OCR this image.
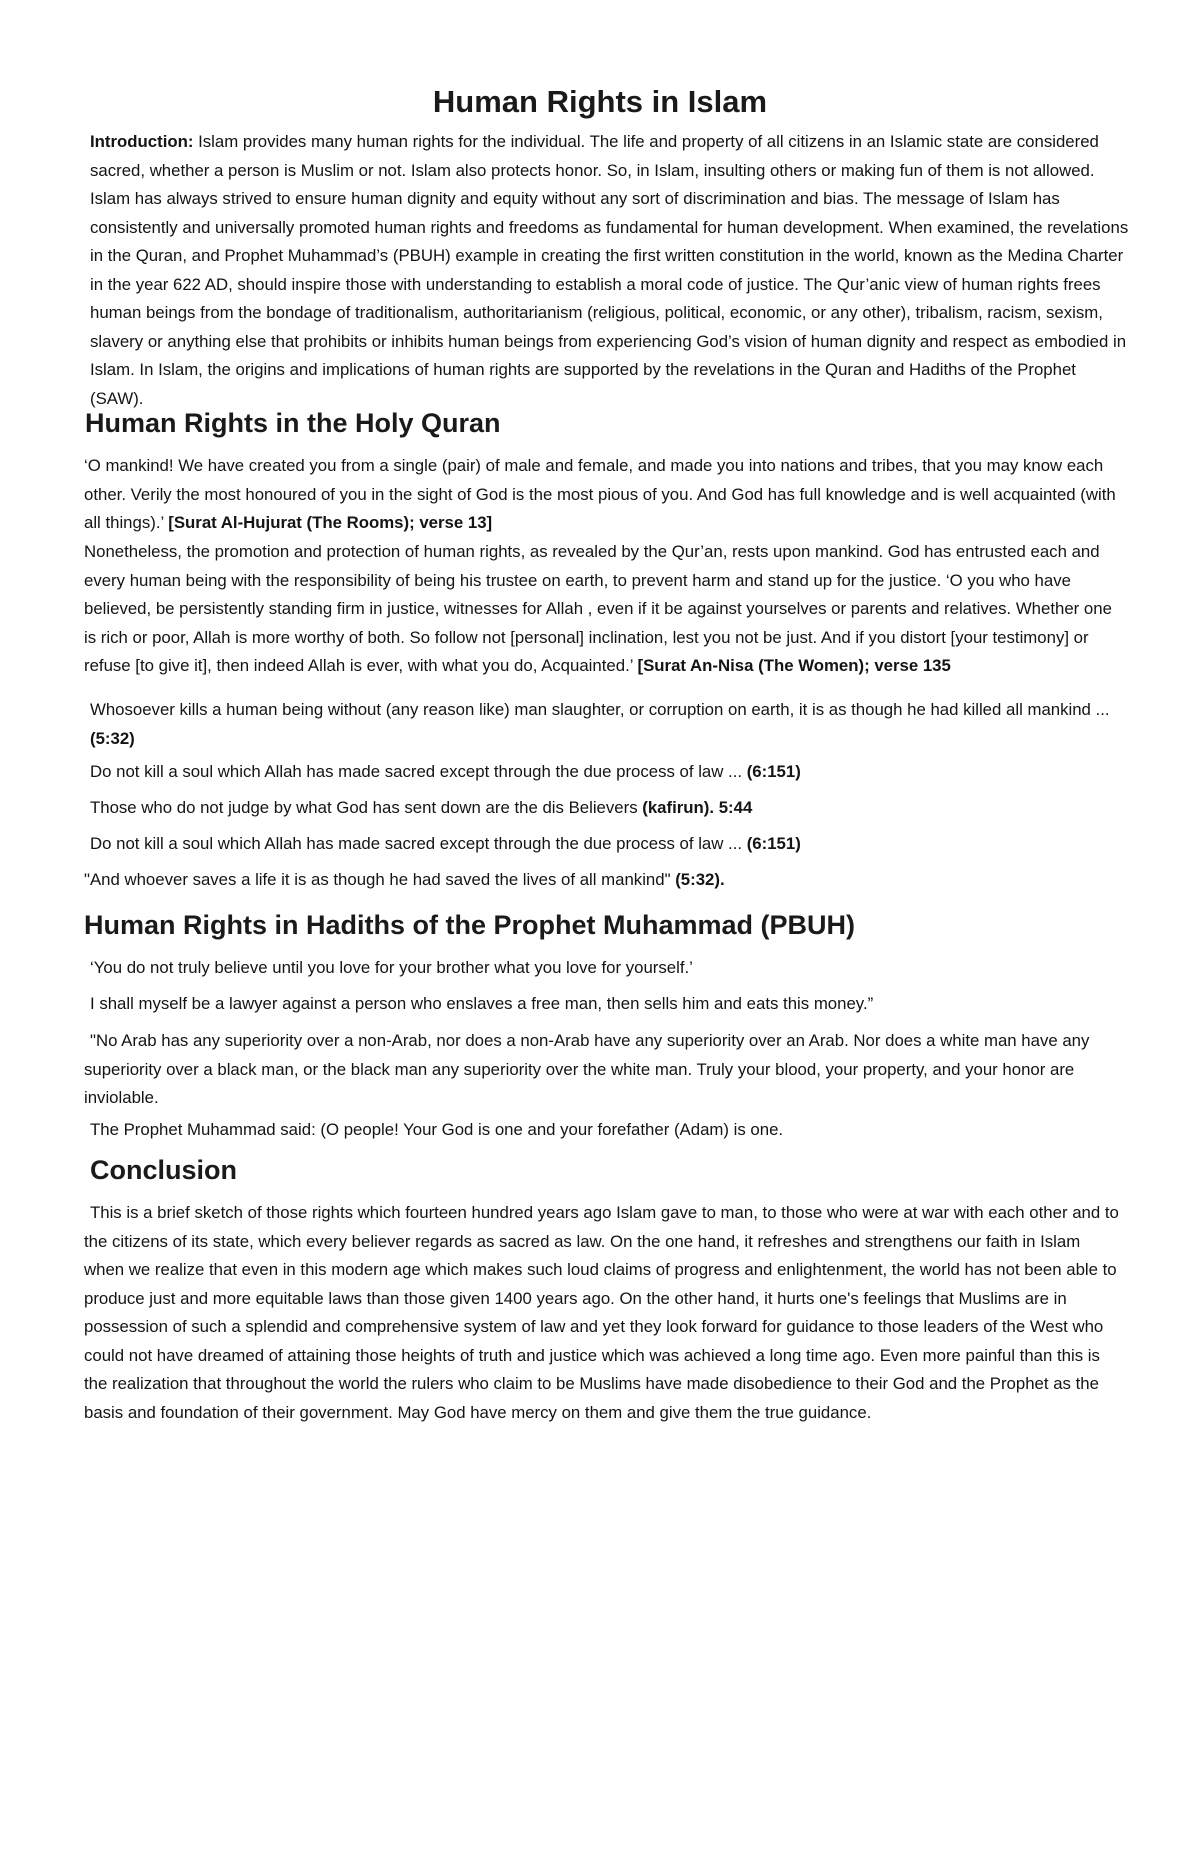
Human Rights in Islam

Introduction: Islam provides many human rights for the individual. The life and property of all citizens in an Islamic state are considered sacred, whether a person is Muslim or not. Islam also protects honor. So, in Islam, insulting others or making fun of them is not allowed. Islam has always strived to ensure human dignity and equity without any sort of discrimination and bias. The message of Islam has consistently and universally promoted human rights and freedoms as fundamental for human development. When examined, the revelations in the Quran, and Prophet Muhammad’s (PBUH) example in creating the first written constitution in the world, known as the Medina Charter in the year 622 AD, should inspire those with understanding to establish a moral code of justice. The Qur’anic view of human rights frees human beings from the bondage of traditionalism, authoritarianism (religious, political, economic, or any other), tribalism, racism, sexism, slavery or anything else that prohibits or inhibits human beings from experiencing God’s vision of human dignity and respect as embodied in Islam. In Islam, the origins and implications of human rights are supported by the revelations in the Quran and Hadiths of the Prophet (SAW).

Human Rights in the Holy Quran

‘O mankind! We have created you from a single (pair) of male and female, and made you into nations and tribes, that you may know each other. Verily the most honoured of you in the sight of God is the most pious of you. And God has full knowledge and is well acquainted (with all things).’ [Surat Al-Hujurat (The Rooms); verse 13]

Nonetheless, the promotion and protection of human rights, as revealed by the Qur’an, rests upon mankind. God has entrusted each and every human being with the responsibility of being his trustee on earth, to prevent harm and stand up for the justice. ‘O you who have believed, be persistently standing firm in justice, witnesses for Allah , even if it be against yourselves or parents and relatives. Whether one is rich or poor, Allah is more worthy of both. So follow not [personal] inclination, lest you not be just. And if you distort [your testimony] or refuse [to give it], then indeed Allah is ever, with what you do, Acquainted.’ [Surat An-Nisa (The Women); verse 135

Whosoever kills a human being without (any reason like) man slaughter, or corruption on earth, it is as though he had killed all mankind ... (5:32)

Do not kill a soul which Allah has made sacred except through the due process of law ... (6:151)

Those who do not judge by what God has sent down are the dis Believers (kafirun). 5:44

Do not kill a soul which Allah has made sacred except through the due process of law ... (6:151)

"And whoever saves a life it is as though he had saved the lives of all mankind" (5:32).

Human Rights in Hadiths of the Prophet Muhammad (PBUH)

‘You do not truly believe until you love for your brother what you love for yourself.’

I shall myself be a lawyer against a person who enslaves a free man, then sells him and eats this money.”

"No Arab has any superiority over a non-Arab, nor does a non-Arab have any superiority over an Arab. Nor does a white man have any superiority over a black man, or the black man any superiority over the white man. Truly your blood, your property, and your honor are inviolable.

The Prophet Muhammad said: (O people! Your God is one and your forefather (Adam) is one.

Conclusion

This is a brief sketch of those rights which fourteen hundred years ago Islam gave to man, to those who were at war with each other and to the citizens of its state, which every believer regards as sacred as law. On the one hand, it refreshes and strengthens our faith in Islam when we realize that even in this modern age which makes such loud claims of progress and enlightenment, the world has not been able to produce just and more equitable laws than those given 1400 years ago. On the other hand, it hurts one's feelings that Muslims are in possession of such a splendid and comprehensive system of law and yet they look forward for guidance to those leaders of the West who could not have dreamed of attaining those heights of truth and justice which was achieved a long time ago. Even more painful than this is the realization that throughout the world the rulers who claim to be Muslims have made disobedience to their God and the Prophet as the basis and foundation of their government. May God have mercy on them and give them the true guidance.
